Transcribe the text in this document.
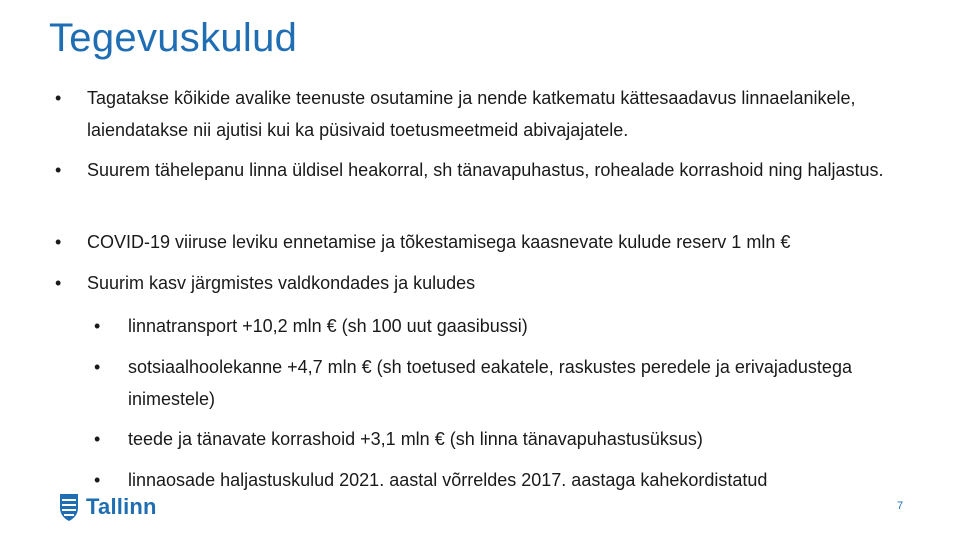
Tegevuskulud
• Tagatakse kõikide avalike teenuste osutamine ja nende katkematu kättesaadavus linnaelanikele, laiendatakse nii ajutisi kui ka püsivaid toetusmeetmeid abivajajatele.
• Suurem tähelepanu linna üldisel heakorral, sh tänavapuhastus, rohealade korrashoid ning haljastus.
• COVID-19 viiruse leviku ennetamise ja tõkestamisega kaasnevate kulude reserv 1 mln €
• Suurim kasv järgmistes valdkondades ja kuludes
• linnatransport +10,2 mln € (sh 100 uut gaasibussi)
• sotsiaalhoolekanne +4,7 mln € (sh toetused eakatele, raskustes peredele ja erivajadustega inimestele)
• teede ja tänavate korrashoid +3,1 mln € (sh linna tänavapuhastusüksus)
• linnaosade haljastuskulud 2021. aastal võrreldes 2017. aastaga kahekordistatud
Tallinn	7
